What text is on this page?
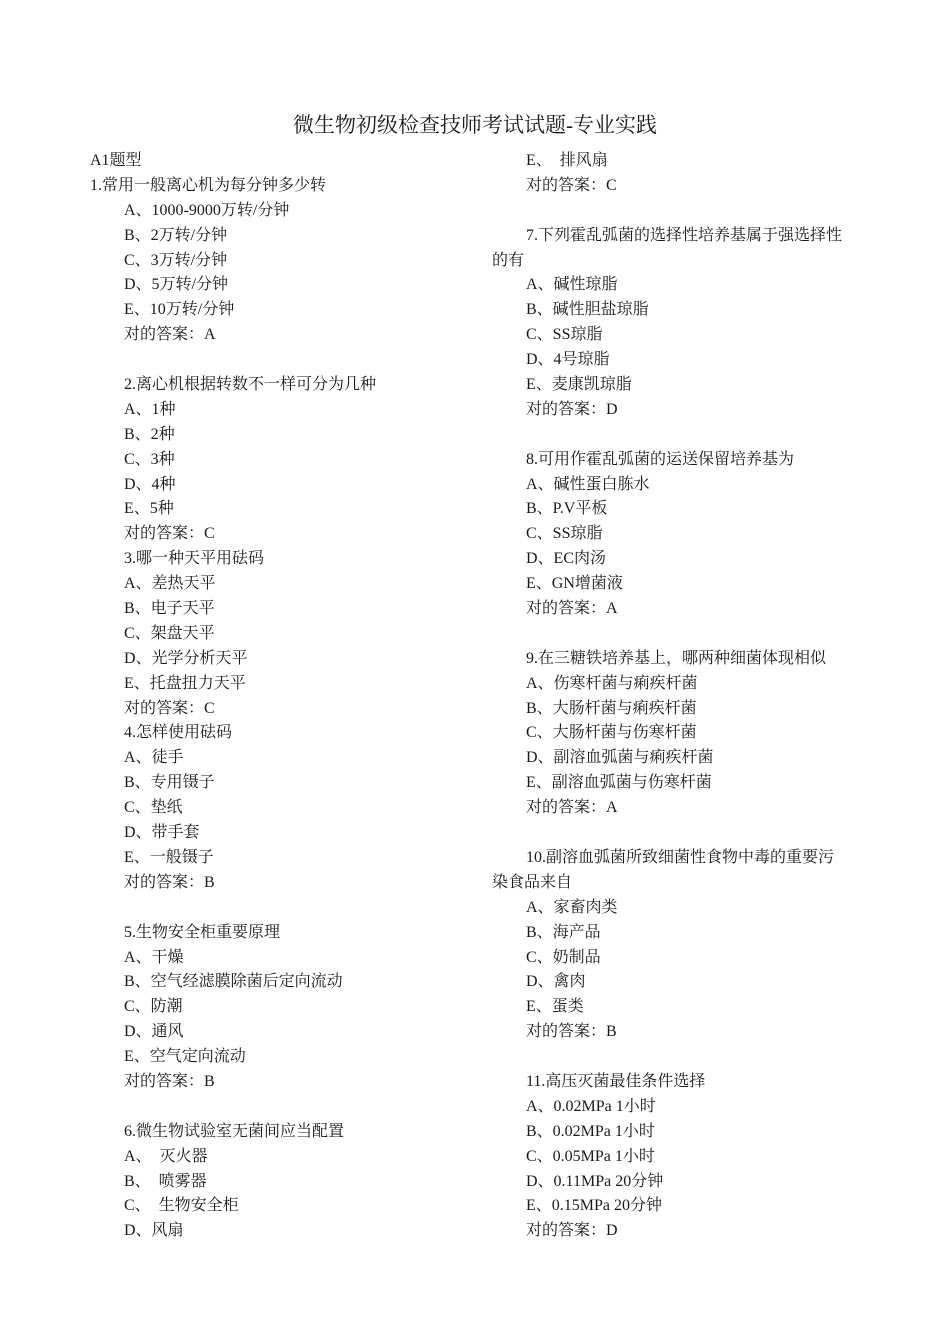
微生物初级检查技师考试试题-专业实践
A1题型
1.常用一般离心机为每分钟多少转
A、1000-9000万转/分钟
B、2万转/分钟
C、3万转/分钟
D、5万转/分钟
E、10万转/分钟
对的答案：A
2.离心机根据转数不一样可分为几种
A、1种
B、2种
C、3种
D、4种
E、5种
对的答案：C
3.哪一种天平用砝码
A、差热天平
B、电子天平
C、架盘天平
D、光学分析天平
E、托盘扭力天平
对的答案：C
4.怎样使用砝码
A、徒手
B、专用镊子
C、垫纸
D、带手套
E、一般镊子
对的答案：B
5.生物安全柜重要原理
A、干燥
B、空气经滤膜除菌后定向流动
C、防潮
D、通风
E、空气定向流动
对的答案：B
6.微生物试验室无菌间应当配置
A、　灭火器
B、　喷雾器
C、　生物安全柜
D、风扇
E、　排风扇
对的答案：C
7.下列霍乱弧菌的选择性培养基属于强选择性
的有
A、碱性琼脂
B、碱性胆盐琼脂
C、SS琼脂
D、4号琼脂
E、麦康凯琼脂
对的答案：D
8.可用作霍乱弧菌的运送保留培养基为
A、碱性蛋白胨水
B、P.V平板
C、SS琼脂
D、EC肉汤
E、GN增菌液
对的答案：A
9.在三糖铁培养基上，哪两种细菌体现相似
A、伤寒杆菌与痢疾杆菌
B、大肠杆菌与痢疾杆菌
C、大肠杆菌与伤寒杆菌
D、副溶血弧菌与痢疾杆菌
E、副溶血弧菌与伤寒杆菌
对的答案：A
10.副溶血弧菌所致细菌性食物中毒的重要污
染食品来自
A、家畜肉类
B、海产品
C、奶制品
D、禽肉
E、蛋类
对的答案：B
11.高压灭菌最佳条件选择
A、0.02MPa 1小时
B、0.02MPa 1小时
C、0.05MPa 1小时
D、0.11MPa 20分钟
E、0.15MPa 20分钟
对的答案：D
